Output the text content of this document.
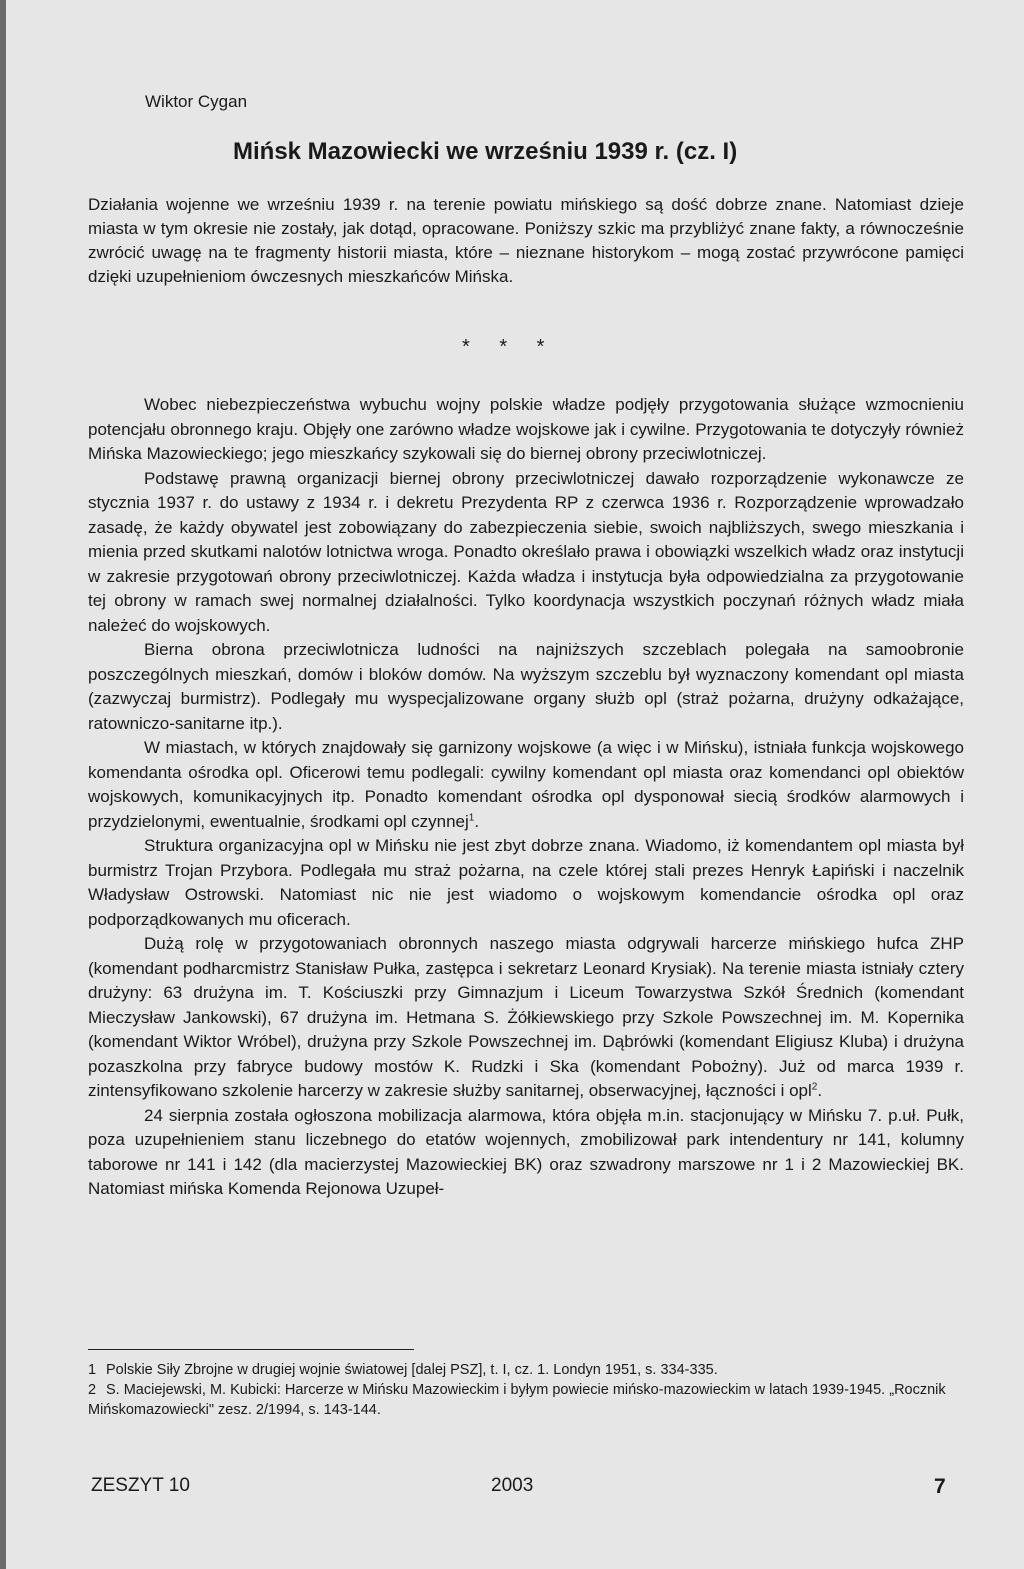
Wiktor Cygan
Mińsk Mazowiecki we wrześniu 1939 r. (cz. I)
Działania wojenne we wrześniu 1939 r. na terenie powiatu mińskiego są dość dobrze znane. Natomiast dzieje miasta w tym okresie nie zostały, jak dotąd, opracowane. Poniższy szkic ma przybliżyć znane fakty, a równocześnie zwrócić uwagę na te fragmenty historii miasta, które – nieznane historykom – mogą zostać przywrócone pamięci dzięki uzupełnieniom ówczesnych mieszkańców Mińska.
* * *

Wobec niebezpieczeństwa wybuchu wojny polskie władze podjęły przygotowania służące wzmocnieniu potencjału obronnego kraju. Objęły one zarówno władze wojskowe jak i cywilne. Przygotowania te dotyczyły również Mińska Mazowieckiego; jego mieszkańcy szykowali się do biernej obrony przeciwlotniczej.

Podstawę prawną organizacji biernej obrony przeciwlotniczej dawało rozporządzenie wykonawcze ze stycznia 1937 r. do ustawy z 1934 r. i dekretu Prezydenta RP z czerwca 1936 r. Rozporządzenie wprowadzało zasadę, że każdy obywatel jest zobowiązany do zabezpieczenia siebie, swoich najbliższych, swego mieszkania i mienia przed skutkami nalotów lotnictwa wroga. Ponadto określało prawa i obowiązki wszelkich władz oraz instytucji w zakresie przygotowań obrony przeciwlotniczej. Każda władza i instytucja była odpowiedzialna za przygotowanie tej obrony w ramach swej normalnej działalności. Tylko koordynacja wszystkich poczynań różnych władz miała należeć do wojskowych.

Bierna obrona przeciwlotnicza ludności na najniższych szczeblach polegała na samoobronie poszczególnych mieszkań, domów i bloków domów. Na wyższym szczeblu był wyznaczony komendant opl miasta (zazwyczaj burmistrz). Podlegały mu wyspecjalizowane organy służb opl (straż pożarna, drużyny odkażające, ratowniczo-sanitarne itp.).

W miastach, w których znajdowały się garnizony wojskowe (a więc i w Mińsku), istniała funkcja wojskowego komendanta ośrodka opl. Oficerowi temu podlegali: cywilny komendant opl miasta oraz komendanci opl obiektów wojskowych, komunikacyjnych itp. Ponadto komendant ośrodka opl dysponował siecią środków alarmowych i przydzielonymi, ewentualnie, środkami opl czynnej$^1$.

Struktura organizacyjna opl w Mińsku nie jest zbyt dobrze znana. Wiadomo, iż komendantem opl miasta był burmistrz Trojan Przybora. Podlegała mu straż pożarna, na czele której stali prezes Henryk Łapiński i naczelnik Władysław Ostrowski. Natomiast nic nie jest wiadomo o wojskowym komendancie ośrodka opl oraz podporządkowanych mu oficerach.

Dużą rolę w przygotowaniach obronnych naszego miasta odgrywali harcerze mińskiego hufca ZHP (komendant podharcmistrz Stanisław Pułka, zastępca i sekretarz Leonard Krysiak). Na terenie miasta istniały cztery drużyny: 63 drużyna im. T. Kościuszki przy Gimnazjum i Liceum Towarzystwa Szkół Średnich (komendant Mieczysław Jankowski), 67 drużyna im. Hetmana S. Żółkiewskiego przy Szkole Powszechnej im. M. Kopernika (komendant Wiktor Wróbel), drużyna przy Szkole Powszechnej im. Dąbrówki (komendant Eligiusz Kluba) i drużyna pozaszkolna przy fabryce budowy mostów K. Rudzki i Ska (komendant Pobożny). Już od marca 1939 r. zintensyfikowano szkolenie harcerzy w zakresie służby sanitarnej, obserwacyjnej, łączności i opl$^2$.

24 sierpnia została ogłoszona mobilizacja alarmowa, która objęła m.in. stacjonujący w Mińsku 7. p.uł. Pułk, poza uzupełnieniem stanu liczebnego do etatów wojennych, zmobilizował park intendentury nr 141, kolumny taborowe nr 141 i 142 (dla macierzystej Mazowieckiej BK) oraz szwadrony marszowe nr 1 i 2 Mazowieckiej BK. Natomiast mińska Komenda Rejonowa Uzupeł-

1 Polskie Siły Zbrojne w drugiej wojnie światowej [dalej PSZ], t. I, cz. 1. Londyn 1951, s. 334-335.
2 S. Maciejewski, M. Kubicki: Harcerze w Mińsku Mazowieckim i byłym powiecie mińsko-mazowieckim w latach 1939-1945. „Rocznik Mińskomazowiecki" zesz. 2/1994, s. 143-144.
ZESZYT 10	2003	7
